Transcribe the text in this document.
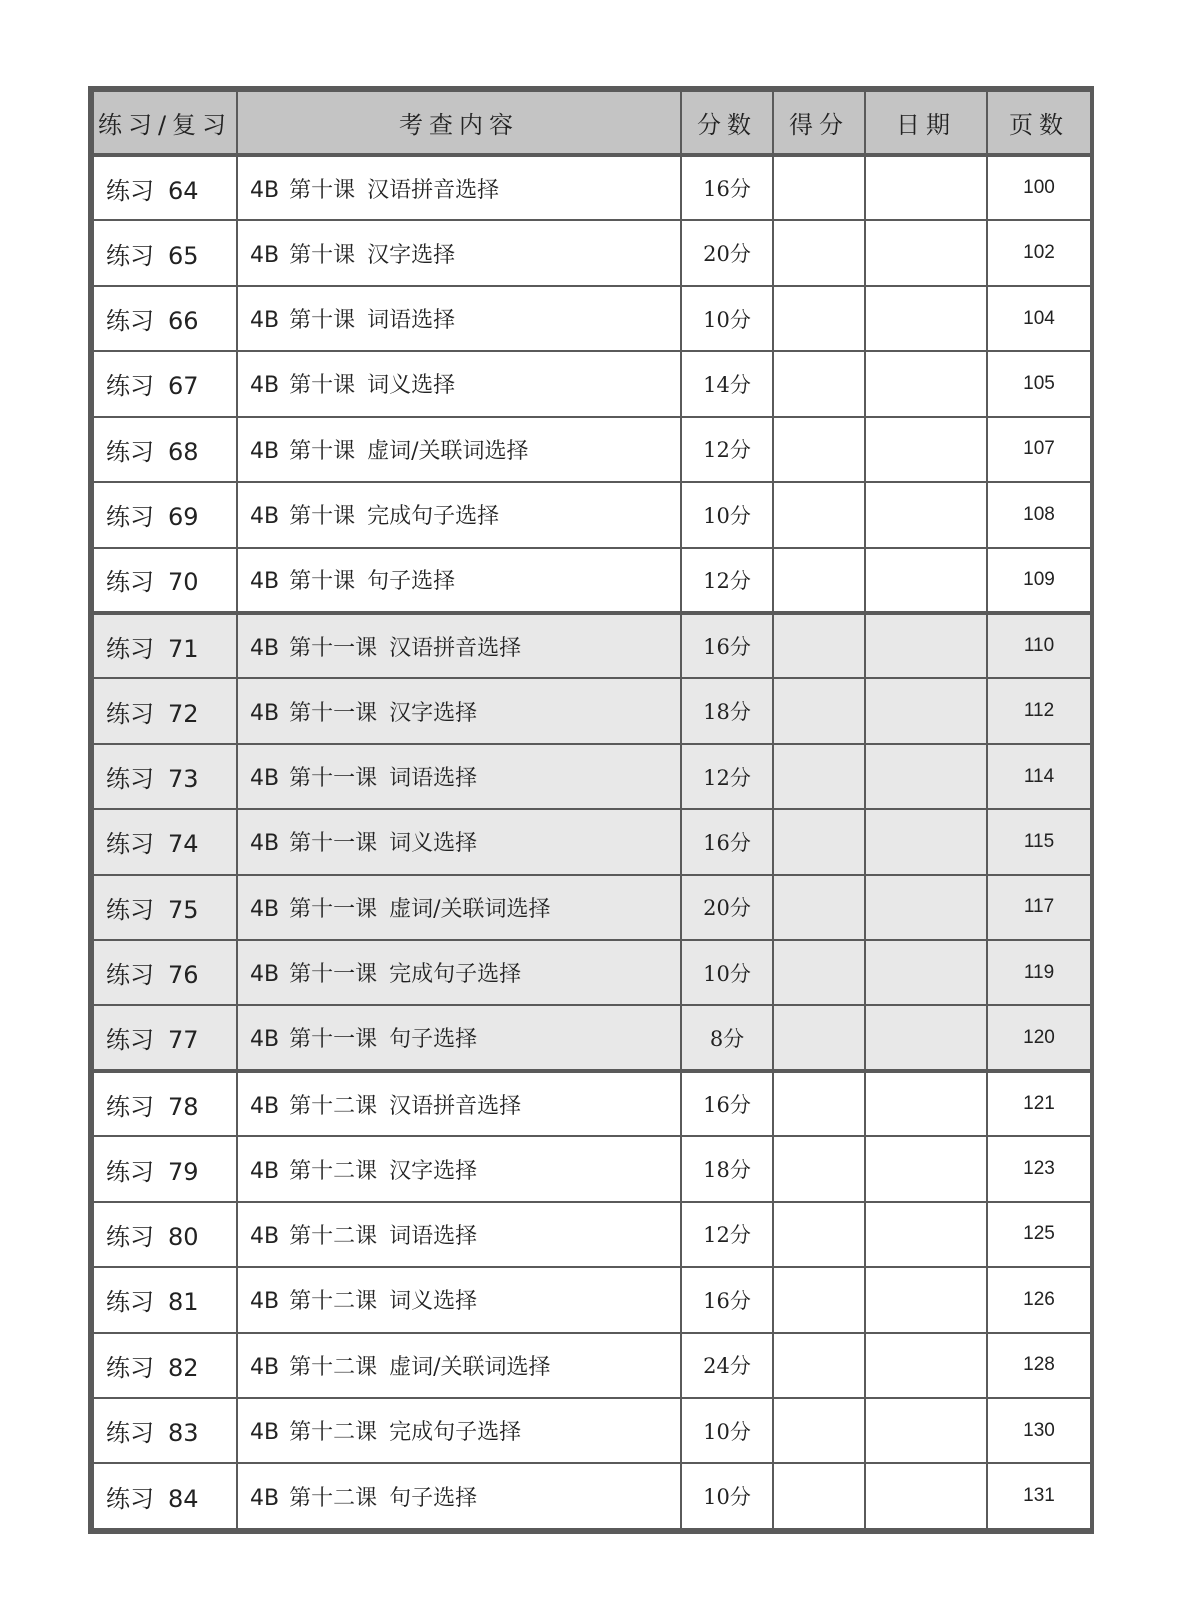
练习/复习	考查内容	分数	得分	日期	页数
练习 64	4B 第十课 汉语拼音选择	16分			100
练习 65	4B 第十课 汉字选择	20分			102
练习 66	4B 第十课 词语选择	10分			104
练习 67	4B 第十课 词义选择	14分			105
练习 68	4B 第十课 虚词/关联词选择	12分			107
练习 69	4B 第十课 完成句子选择	10分			108
练习 70	4B 第十课 句子选择	12分			109
练习 71	4B 第十一课 汉语拼音选择	16分			110
练习 72	4B 第十一课 汉字选择	18分			112
练习 73	4B 第十一课 词语选择	12分			114
练习 74	4B 第十一课 词义选择	16分			115
练习 75	4B 第十一课 虚词/关联词选择	20分			117
练习 76	4B 第十一课 完成句子选择	10分			119
练习 77	4B 第十一课 句子选择	8分			120
练习 78	4B 第十二课 汉语拼音选择	16分			121
练习 79	4B 第十二课 汉字选择	18分			123
练习 80	4B 第十二课 词语选择	12分			125
练习 81	4B 第十二课 词义选择	16分			126
练习 82	4B 第十二课 虚词/关联词选择	24分			128
练习 83	4B 第十二课 完成句子选择	10分			130
练习 84	4B 第十二课 句子选择	10分			131
